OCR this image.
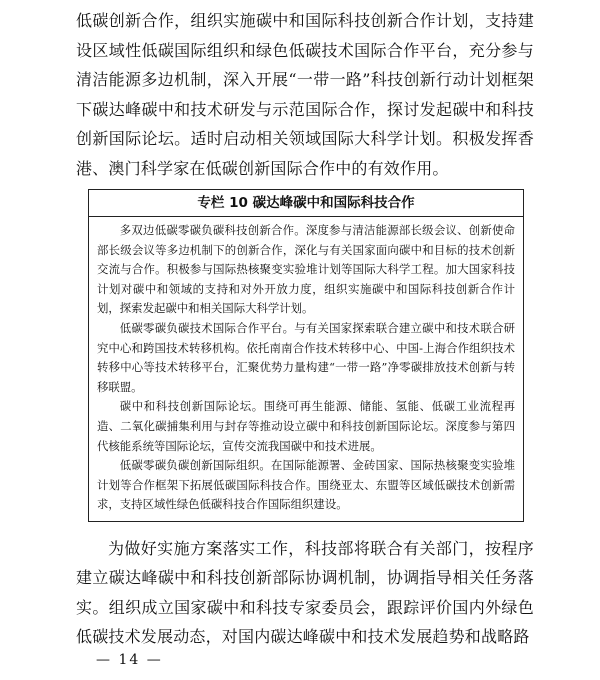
低碳创新合作，组织实施碳中和国际科技创新合作计划，支持建设区域性低碳国际组织和绿色低碳技术国际合作平台，充分参与清洁能源多边机制，深入开展“一带一路”科技创新行动计划框架下碳达峰碳中和技术研发与示范国际合作，探讨发起碳中和科技创新国际论坛。适时启动相关领域国际大科学计划。积极发挥香港、澳门科学家在低碳创新国际合作中的有效作用。

专栏 10 碳达峰碳中和国际科技合作

多双边低碳零碳负碳科技创新合作。深度参与清洁能源部长级会议、创新使命部长级会议等多边机制下的创新合作，深化与有关国家面向碳中和目标的技术创新交流与合作。积极参与国际热核聚变实验堆计划等国际大科学工程。加大国家科技计划对碳中和领域的支持和对外开放力度，组织实施碳中和国际科技创新合作计划，探索发起碳中和相关国际大科学计划。

低碳零碳负碳技术国际合作平台。与有关国家探索联合建立碳中和技术联合研究中心和跨国技术转移机构。依托南南合作技术转移中心、中国-上海合作组织技术转移中心等技术转移平台，汇聚优势力量构建“一带一路”净零碳排放技术创新与转移联盟。

碳中和科技创新国际论坛。围绕可再生能源、储能、氢能、低碳工业流程再造、二氧化碳捕集利用与封存等推动设立碳中和科技创新国际论坛。深度参与第四代核能系统等国际论坛，宣传交流我国碳中和技术进展。

低碳零碳负碳创新国际组织。在国际能源署、金砖国家、国际热核聚变实验堆计划等合作框架下拓展低碳国际科技合作。围绕亚太、东盟等区域低碳技术创新需求，支持区域性绿色低碳科技合作国际组织建设。

为做好实施方案落实工作，科技部将联合有关部门，按程序建立碳达峰碳中和科技创新部际协调机制，协调指导相关任务落实。组织成立国家碳中和科技专家委员会，跟踪评价国内外绿色低碳技术发展动态，对国内碳达峰碳中和技术发展趋势和战略路

— 14 —
